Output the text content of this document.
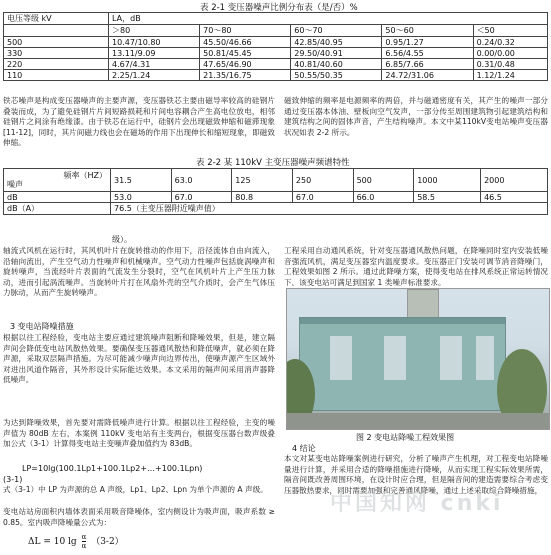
表 2-1 变压器噪声比例分布表（是/否）%
电压等级 kV	LA，dB				
	＞80	70～80	60～70	50～60	＜50
500	10.47/10.80	45.50/46.66	42.85/40.95	0.95/1.27	0.24/0.32
330	13.11/9.09	50.81/45.45	29.50/40.91	6.56/4.55	0.00/0.00
220	4.67/4.31	47.65/46.90	40.81/40.60	6.85/7.66	0.31/0.48
110	2.25/1.24	21.35/16.75	50.55/50.35	24.72/31.06	1.12/1.24

铁芯噪声是构成变压器噪声的主要声源，变压器铁芯主要由磁导率较高的硅钢片叠装而成，为了避免硅钢片片间短路损耗和片间电容耦合产生高电位放电，相邻硅钢片之间涂有绝缘漆。由于铁芯在运行中，硅钢片会出现磁致伸缩和磁滞现象[11-12]，同时，其片间磁力线也会在磁场的作用下出现伸长和缩短现象，即磁致伸缩。

磁致伸缩的频率是电源频率的两倍，并与磁通密度有关，其产生的噪声一部分通过变压器本体油、壁板向空气发声，一部分传至周围建筑物引起建筑结构和建筑结构之间的固体声音，产生结构噪声。本文中某110kV变电站噪声变压器状况如表 2-2 所示。

表 2-2 某 110kV 主变压器噪声频谱特性
频率（HZ）
噪声	31.5	63.0	125	250	500	1000	2000
dB	53.0	67.0	80.8	67.0	66.0	58.5	46.5
dB（A）	76.5（主变压器附近噪声值）						
级）。

轴流式风机在运行时，其风机叶片在旋转推动的作用下，沿径流体自由向流入，沿轴向流出，产生空气动力性噪声和机械噪声。空气动力性噪声包括旋涡噪声和旋转噪声，当流经叶片表面的气流发生分裂时，空气在风机叶片上产生压力脉动，进而引起涡流噪声。当旋转叶片打在风扇外壳的空气介质时，会产生气体压力脉动，从而产生旋转噪声。

3 变电站降噪措施

根据以往工程经验，变电站主要应通过建筑噪声阻断和降噪效果，但是，建立隔声间会降低变电站风散热效果。要确保变压器通风散热和降低噪声，就必须在降声源，采取双层隔声措施。为尽可能减少噪声向边界传出，使噪声源产生区域外对进出风道作隔音，其外形设计实际能达效果。本文采用的隔声间采用消声器降低噪声。

为达到降噪效果，首先要对需降低噪声进行计算。根据以往工程经验，主变的噪声值为 80dB 左右，本案例 110kV 变电站有主变两台，根据变压器台数声级叠加公式（3-1）计算得变电站主变噪声叠加值约为 83dB。

LP=10lg(100.1Lp1+100.1Lp2+…+100.1Lpn)
(3-1)

式（3-1）中 LP 为声源的总 A 声级，Lp1、Lp2、Lpn 为单个声源的 A 声级。

变电站站房面积内墙体表面采用吸音降噪体，室内侧设计为吸声面，吸声系数 ≥ 0.85。室内吸声降噪量公式为：

ΔL = 10 $\lg \frac{\alpha}{\alpha} (3-2)$

工程采用自动通风系统，针对变压器通风散热问题，在降噪同时室内安装低噪音强流风机，满足变压器室内温度要求。变压器正门安装可调节消音降噪门，工程效果如图 2 所示。通过此降噪方案，使得变电站在排风系统正常运转情况下，该变电站可满足到国家 1 类噪声标准要求。

图 2 变电站降噪工程效果图
4 结论

本文对某变电站降噪案例进行研究，分析了噪声产生机理，对工程变电站降噪量进行计算，并采用合适的降噪措施进行降噪，从而实现工程实际效果所需，隔音间既改善周围环境，在设计时应合理，但是隔音间的建造需要综合考虑变压器散热要求，同时需要加强和完善通风降噪，通过上述采取综合降噪措施，

中国知网 cnki
